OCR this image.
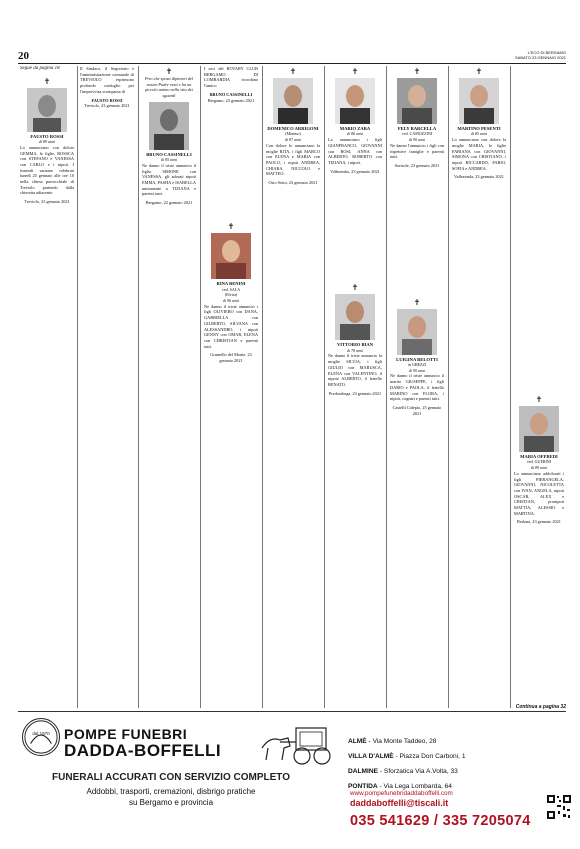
20	L'ECO DI BERGAMO
SABATO 23 GENNAIO 2021
Segue da pagina 18
✝
FAUSTO ROSSI
di 89 anni
Lo annunciano con dolore GEMMA, le figlie, ROSSCA con STEFANO e VANESSA con CARLO e i nipoti. I funerali saranno celebrati lunedì 25 gennaio alle ore 10 nella chiesa parrocchiale di Treviolo partendo dalla chiesetta adiacente.
Treviolo, 23 gennaio 2021
Il Sindaco, il Segretario e l'amministrazione comunale di TREVIOLO esprimono profondo cordoglio per l'improvvisa scomparsa di
FAUSTO ROSSI
Treviolo, 23 gennaio 2021
✝
Prio che sposti dipintori del nostro Padre vesti e ha un piccolo animo nella vita dei sguardi
BRUNO CASSINELLI
di 85 anni
Ne danno il triste annuncio il figlio SIMONE con VANESSA, gli adorati nipoti EMMA, PASHA e ISABELLA unitamente a TIZIANA e parenti tutti.
Bergamo, 22 gennaio 2021
I soci del ROTARY CLUB BERGAMO DI LOMBARDIA ricordano l'amico
BRUNO CASSINELLI
Bergamo, 23 gennaio 2021
✝
RINA BENINI
ved. SALA
(Elvira)
di 96 anni
Ne danno il triste annuncio i figli OLIVIERO con DANA, GABRIELLA con GILBERTO, SILVANA con ALESSANDRO, i nipoti GENNY con OMAR, ELENA con CHRISTIAN e parenti tutti.
Grumello del Monte, 23 gennaio 2021
✝
DOMENICO ARRIGONI
(Mimmo)
di 87 anni
Con dolore lo annunciano la moglie RITA, i figli MARCO con ELENA e MARIA con PAOLO, i nipoti ANDREA, CHIARA, NICCOLO e MATTEO.
Osio Sotto, 23 gennaio 2021
✝
MARIO ZARA
di 86 anni
Lo annunciano i figli GIANFRANCO, GIOVANNI con ROSI, ANNA con ALBERTO, ROBERTO con TIZIANA, i nipoti.
Valbrembo, 23 gennaio 2021
✝
VITTORIO BIAN
di 78 anni
Ne danno il triste annuncio la moglie SILVIA, i figli GIULIO con MARUSCA, ELENA con VALENTINO, il nipote ALBERTO, il fratello RENATO.
Predosshega, 23 gennaio 2021
✝
FELY BARCELLA
ved. CAMOZZINI
di 90 anni
Ne danno l'annuncio i figli con rispettive famiglie e parenti tutti.
Sorisole, 23 gennaio 2021
✝
LUIGINA BELOTTI
in GHEZZI
di 90 anni
Ne danno il triste annuncio il marito GIUSEPPE, i figli DARIO e PAOLA, il fratello MARINO con FLORA, i nipoti, cognati e parenti tutti.
Castelli Calepio, 23 gennaio 2021
✝
MARTINO PESENTI
di 85 anni
Lo annunciano con dolore la moglie MARIA, le figlie FABIANA con GIOVANNI, SIMONA con CRISTIANO, i nipoti RICCARDO, FABIO, SOFIA e ANDREA.
Vallezonda, 23 gennaio 2021
✝
MARIA OFFREDI
ved. GUERINI
di 89 anni
Lo annunciano addolorati i figli PIERANGELA, GIOVANNI, NICOLETTA con IVAN, ANGELA, nipoti OSCAR, ALEX e CRISTIAN, pronipoti MATTIA, ALESSIO e MARTINA.
Redona, 23 gennaio 2021
Continua a pagina 32
dal 1970	POMPE FUNEBRI
DADDA-BOFFELLI	ALMÈ - Via Monte Taddeo, 28
VILLA D'ALMÈ - Piazza Don Carboni, 1
DALMINE - Sforzatica Via A.Volta, 33
PONTIDA - Via Lega Lombarda, 64
FUNERALI ACCURATI CON SERVIZIO COMPLETO
Addobbi, trasporti, cremazioni, disbrigo pratiche
su Bergamo e provincia
www.pompefunebridaddaboffelli.com
daddaboffelli@tiscali.it
035 541629 / 335 7205074
